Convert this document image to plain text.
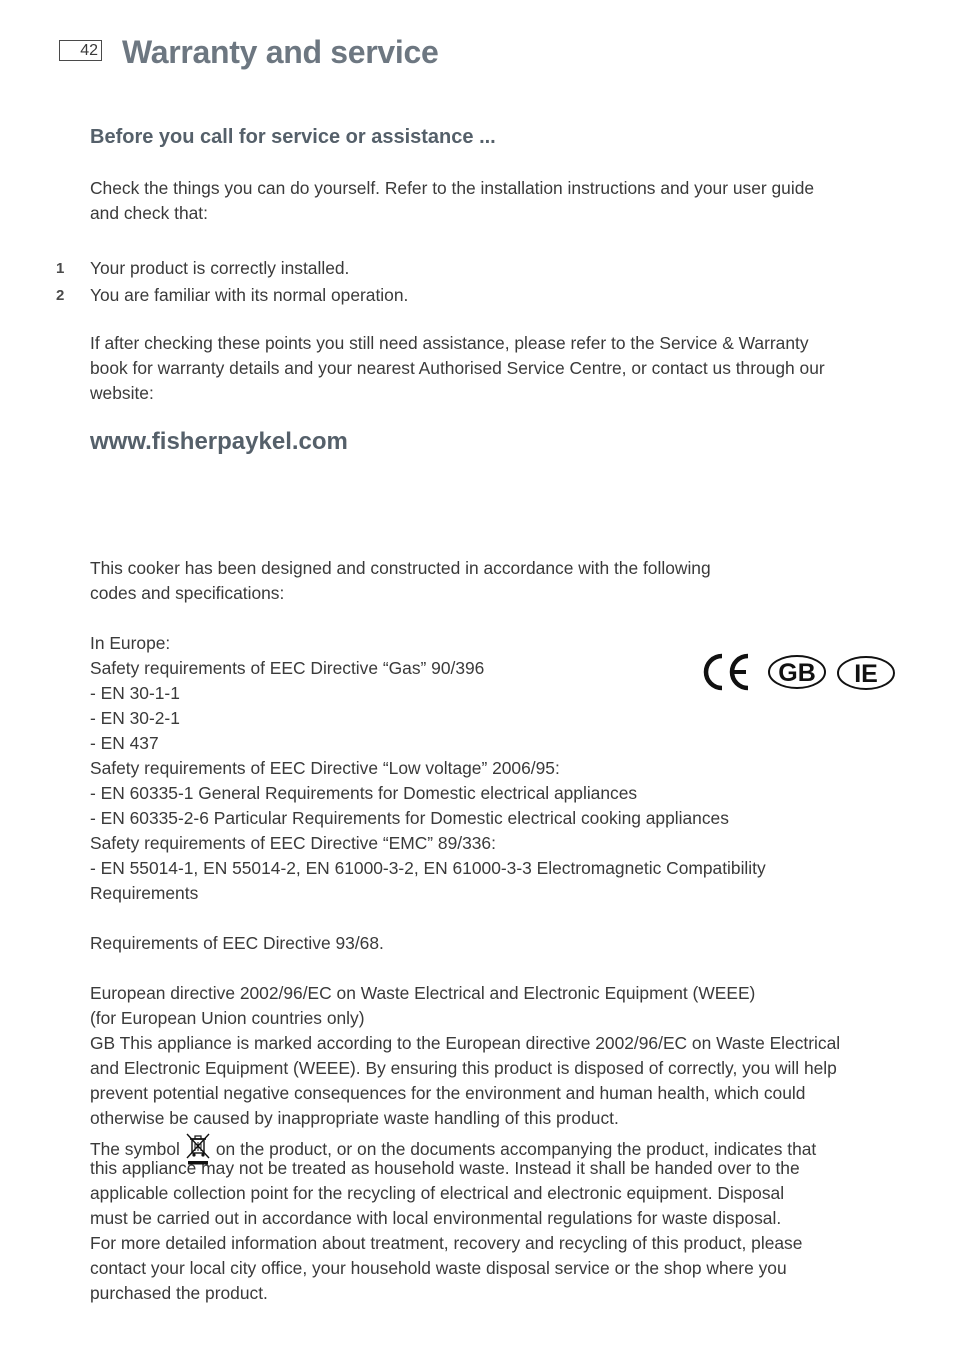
42 Warranty and service
Before you call for service or assistance ...

Check the things you can do yourself. Refer to the installation instructions and your user guide
and check that:

1 Your product is correctly installed.
2 You are familiar with its normal operation.

If after checking these points you still need assistance, please refer to the Service & Warranty
book for warranty details and your nearest Authorised Service Centre, or contact us through our
website:

www.fisherpaykel.com

This cooker has been designed and constructed in accordance with the following
codes and specifications:

In Europe:
Safety requirements of EEC Directive “Gas” 90/396
- EN 30-1-1
- EN 30-2-1
- EN 437
Safety requirements of EEC Directive “Low voltage” 2006/95:
- EN 60335-1 General Requirements for Domestic electrical appliances
- EN 60335-2-6 Particular Requirements for Domestic electrical cooking appliances
Safety requirements of EEC Directive “EMC” 89/336:
- EN 55014-1, EN 55014-2, EN 61000-3-2, EN 61000-3-3 Electromagnetic Compatibility
Requirements

GB IE

Requirements of EEC Directive 93/68.

European directive 2002/96/EC on Waste Electrical and Electronic Equipment (WEEE)
(for European Union countries only)
GB This appliance is marked according to the European directive 2002/96/EC on Waste Electrical
and Electronic Equipment (WEEE). By ensuring this product is disposed of correctly, you will help
prevent potential negative consequences for the environment and human health, which could
otherwise be caused by inappropriate waste handling of this product.

The symbol on the product, or on the documents accompanying the product, indicates that

this appliance may not be treated as household waste. Instead it shall be handed over to the
applicable collection point for the recycling of electrical and electronic equipment. Disposal
must be carried out in accordance with local environmental regulations for waste disposal.
For more detailed information about treatment, recovery and recycling of this product, please
contact your local city office, your household waste disposal service or the shop where you
purchased the product.
